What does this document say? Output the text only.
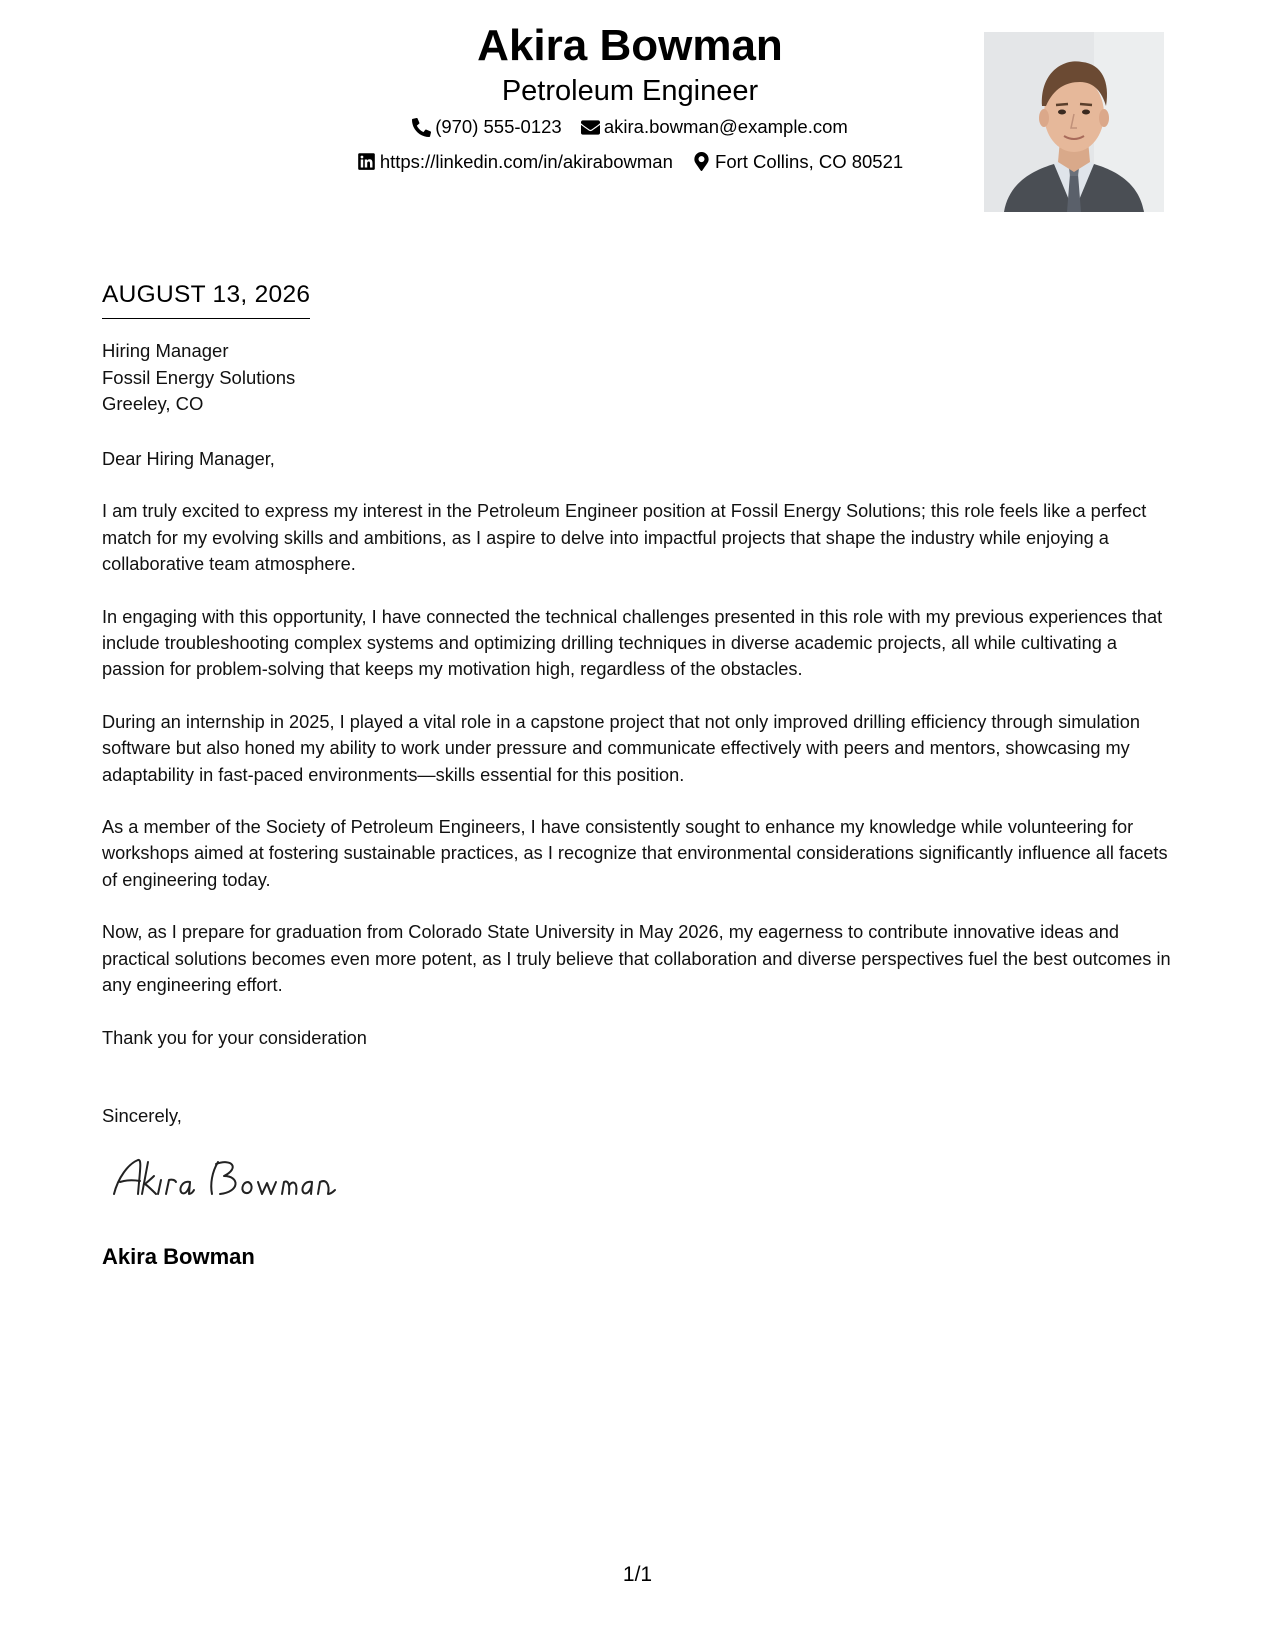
Akira Bowman
Petroleum Engineer
(970) 555-0123
akira.bowman@example.com
https://linkedin.com/in/akirabowman
Fort Collins, CO 80521
AUGUST 13, 2026
Hiring Manager
Fossil Energy Solutions
Greeley, CO

Dear Hiring Manager,

I am truly excited to express my interest in the Petroleum Engineer position at Fossil Energy Solutions; this role feels like a perfect match for my evolving skills and ambitions, as I aspire to delve into impactful projects that shape the industry while enjoying a collaborative team atmosphere.

In engaging with this opportunity, I have connected the technical challenges presented in this role with my previous experiences that include troubleshooting complex systems and optimizing drilling techniques in diverse academic projects, all while cultivating a passion for problem-solving that keeps my motivation high, regardless of the obstacles.

During an internship in 2025, I played a vital role in a capstone project that not only improved drilling efficiency through simulation software but also honed my ability to work under pressure and communicate effectively with peers and mentors, showcasing my adaptability in fast-paced environments—skills essential for this position.

As a member of the Society of Petroleum Engineers, I have consistently sought to enhance my knowledge while volunteering for workshops aimed at fostering sustainable practices, as I recognize that environmental considerations significantly influence all facets of engineering today.

Now, as I prepare for graduation from Colorado State University in May 2026, my eagerness to contribute innovative ideas and practical solutions becomes even more potent, as I truly believe that collaboration and diverse perspectives fuel the best outcomes in any engineering effort.

Thank you for your consideration

Sincerely,
Akira Bowman
1/1
